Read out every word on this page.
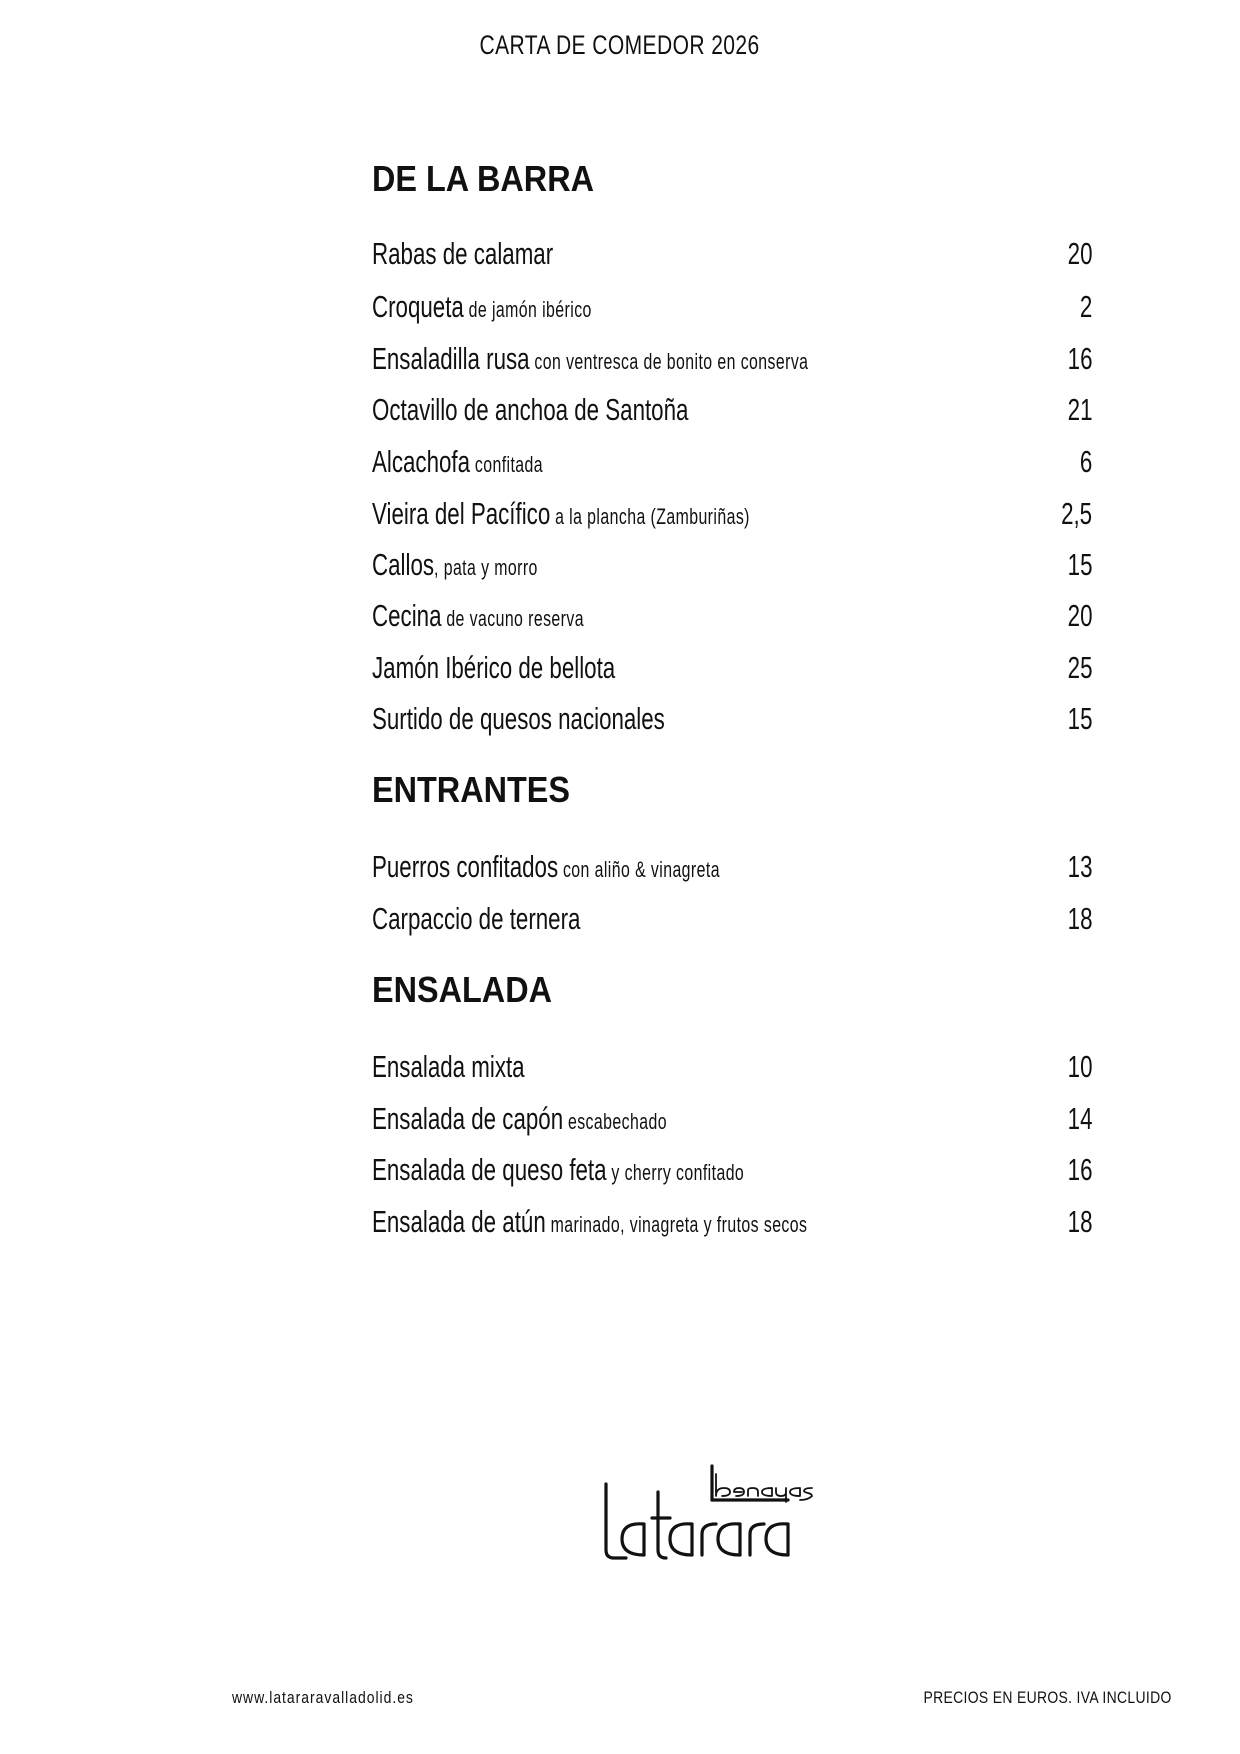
CARTA DE COMEDOR 2026
DE LA BARRA
Rabas de calamar	20
Croqueta de jamón ibérico	2
Ensaladilla rusa con ventresca de bonito en conserva	16
Octavillo de anchoa de Santoña	21
Alcachofa confitada	6
Vieira del Pacífico a la plancha (Zamburiñas)	2,5
Callos, pata y morro	15
Cecina de vacuno reserva	20
Jamón Ibérico de bellota	25
Surtido de quesos nacionales	15
ENTRANTES
Puerros confitados con aliño & vinagreta	13
Carpaccio de ternera	18
ENSALADA
Ensalada mixta	10
Ensalada de capón escabechado	14
Ensalada de queso feta y cherry confitado	16
Ensalada de atún marinado, vinagreta y frutos secos	18
www.latararavalladolid.es	PRECIOS EN EUROS. IVA INCLUIDO
